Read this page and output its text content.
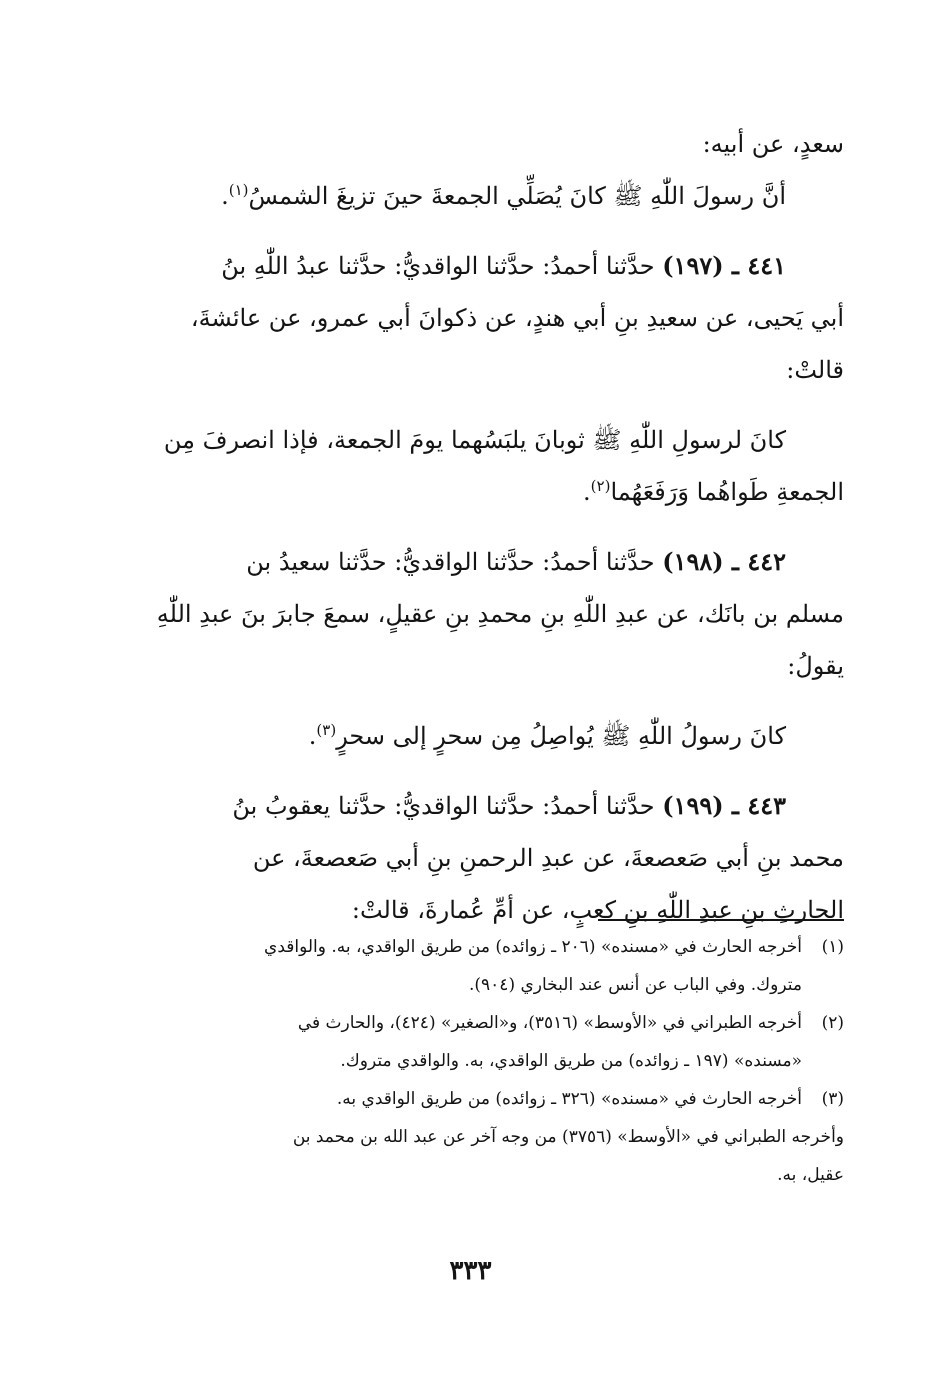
سعدٍ، عن أبيه:
أنَّ رسولَ اللّٰهِ ﷺ كانَ يُصَلِّي الجمعةَ حينَ تزيغَ الشمسُ$^{(١)}$.
٤٤١ ـ (١٩٧) حدَّثنا أحمدُ: حدَّثنا الواقديُّ: حدَّثنا عبدُ اللّٰهِ بنُ
أبي يَحيى، عن سعيدِ بنِ أبي هندٍ، عن ذكوانَ أبي عمرو، عن عائشةَ،
قالتْ:
كانَ لرسولِ اللّٰهِ ﷺ ثوبانَ يلبَسُهما يومَ الجمعة، فإذا انصرفَ مِن
الجمعةِ طَواهُما وَرَفَعَهُما$^{(٢)}$.
٤٤٢ ـ (١٩٨) حدَّثنا أحمدُ: حدَّثنا الواقديُّ: حدَّثنا سعيدُ بن
مسلم بن بانَك، عن عبدِ اللّٰهِ بنِ محمدِ بنِ عقيلٍ، سمعَ جابرَ بنَ عبدِ اللّٰهِ
يقولُ:
كانَ رسولُ اللّٰهِ ﷺ يُواصِلُ مِن سحرٍ إلى سحرٍ$^{(٣)}$.
٤٤٣ ـ (١٩٩) حدَّثنا أحمدُ: حدَّثنا الواقديُّ: حدَّثنا يعقوبُ بنُ
محمد بنِ أبي صَعصعةَ، عن عبدِ الرحمنِ بنِ أبي صَعصعةَ، عن
الحارثِ بنِ عبدِ اللّٰهِ بنِ كعبٍ، عن أمِّ عُمارةَ، قالتْ:
(١)أخرجه الحارث في «مسنده» (٢٠٦ ـ زوائده) من طريق الواقدي، به. والواقدي
متروك. وفي الباب عن أنس عند البخاري (٩٠٤).
(٢)أخرجه الطبراني في «الأوسط» (٣٥١٦)، و«الصغير» (٤٢٤)، والحارث في
«مسنده» (١٩٧ ـ زوائده) من طريق الواقدي، به. والواقدي متروك.
(٣)أخرجه الحارث في «مسنده» (٣٢٦ ـ زوائده) من طريق الواقدي به.
وأخرجه الطبراني في «الأوسط» (٣٧٥٦) من وجه آخر عن عبد الله بن محمد بن
عقيل، به.
٣٣٣
